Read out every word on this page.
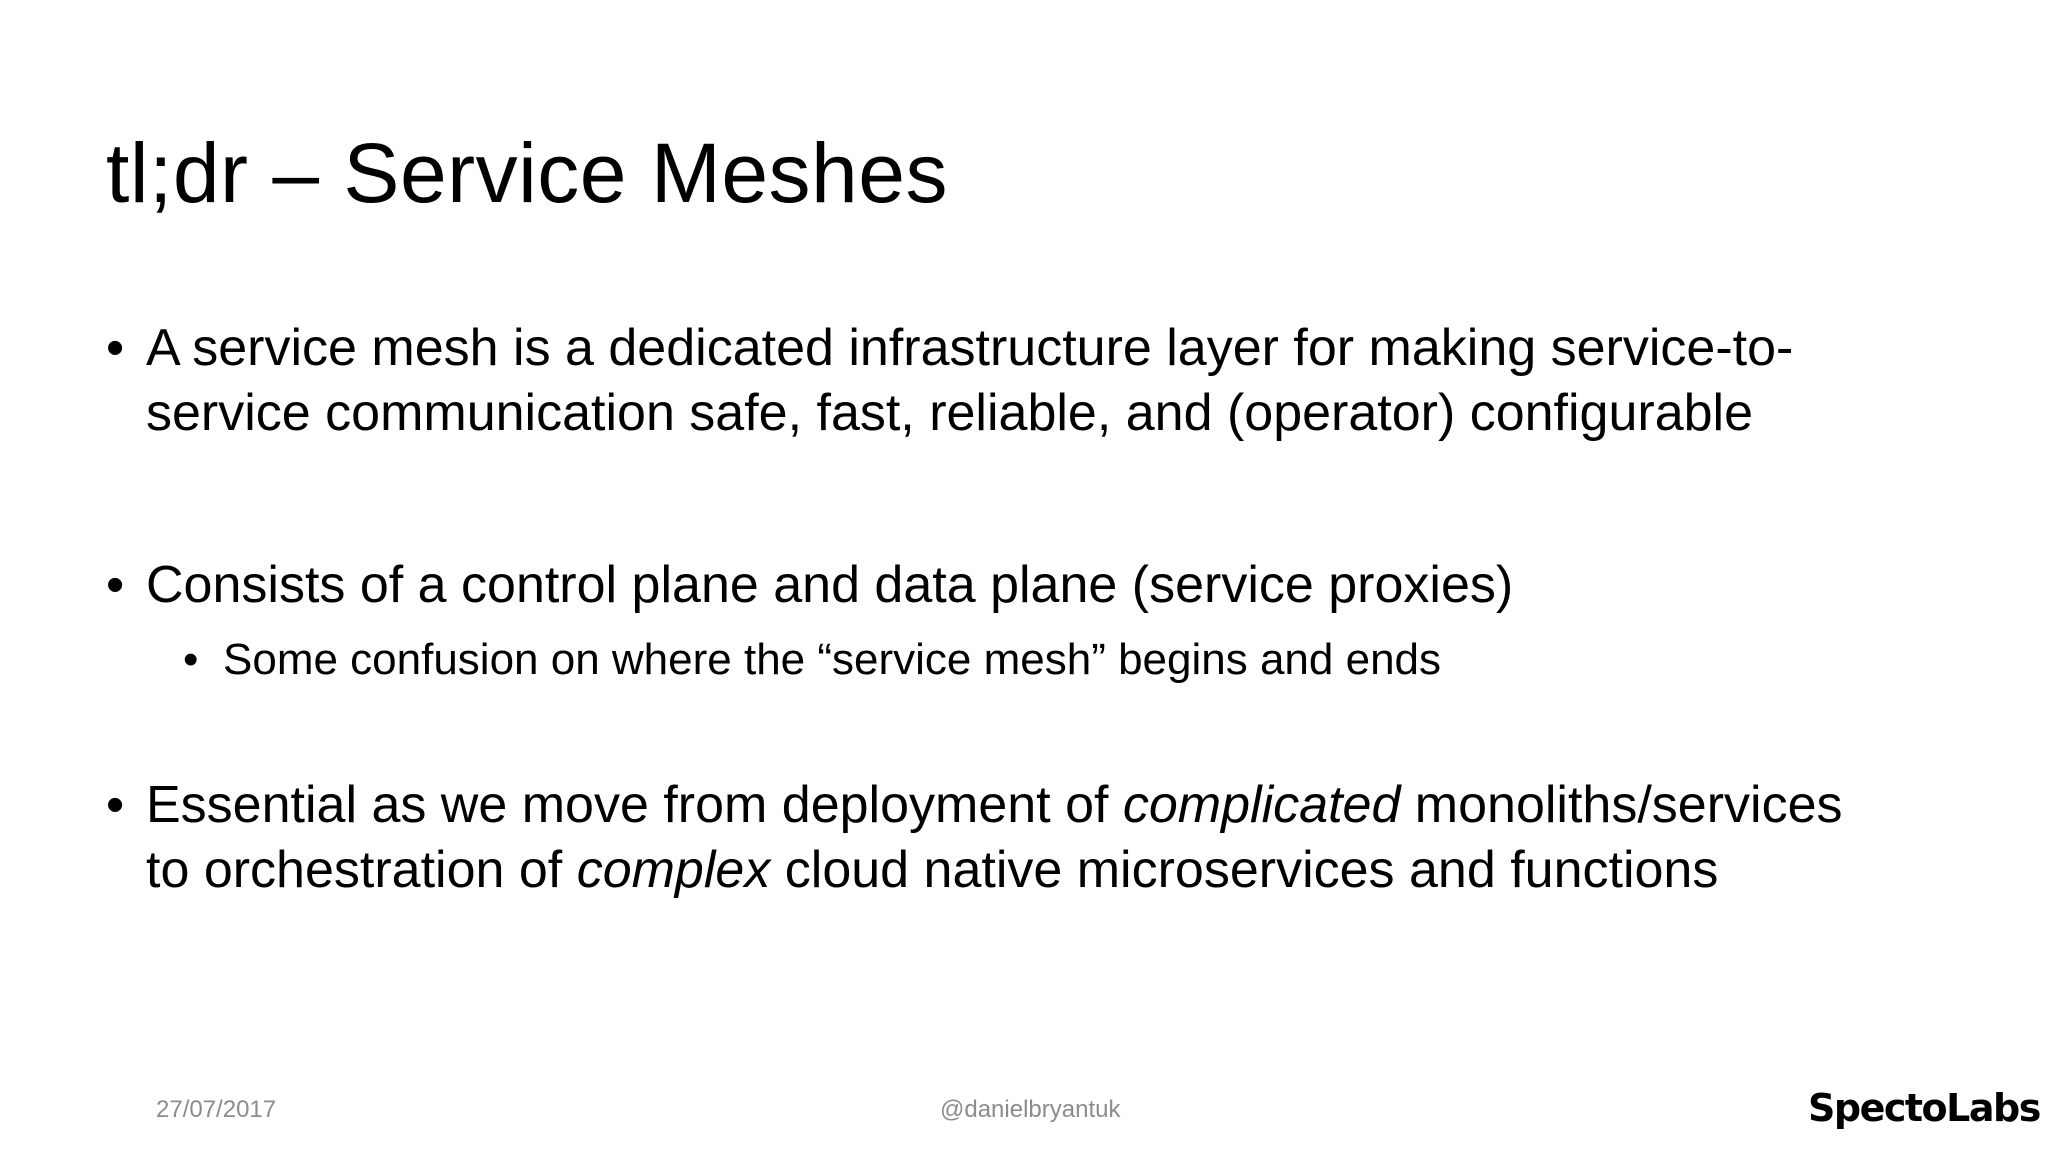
tl;dr – Service Meshes
• A service mesh is a dedicated infrastructure layer for making service-to-
service communication safe, fast, reliable, and (operator) configurable
• Consists of a control plane and data plane (service proxies)
• Some confusion on where the “service mesh” begins and ends
• Essential as we move from deployment of complicated monoliths/services
to orchestration of complex cloud native microservices and functions
27/07/2017	@danielbryantuk	SpectoLabs
